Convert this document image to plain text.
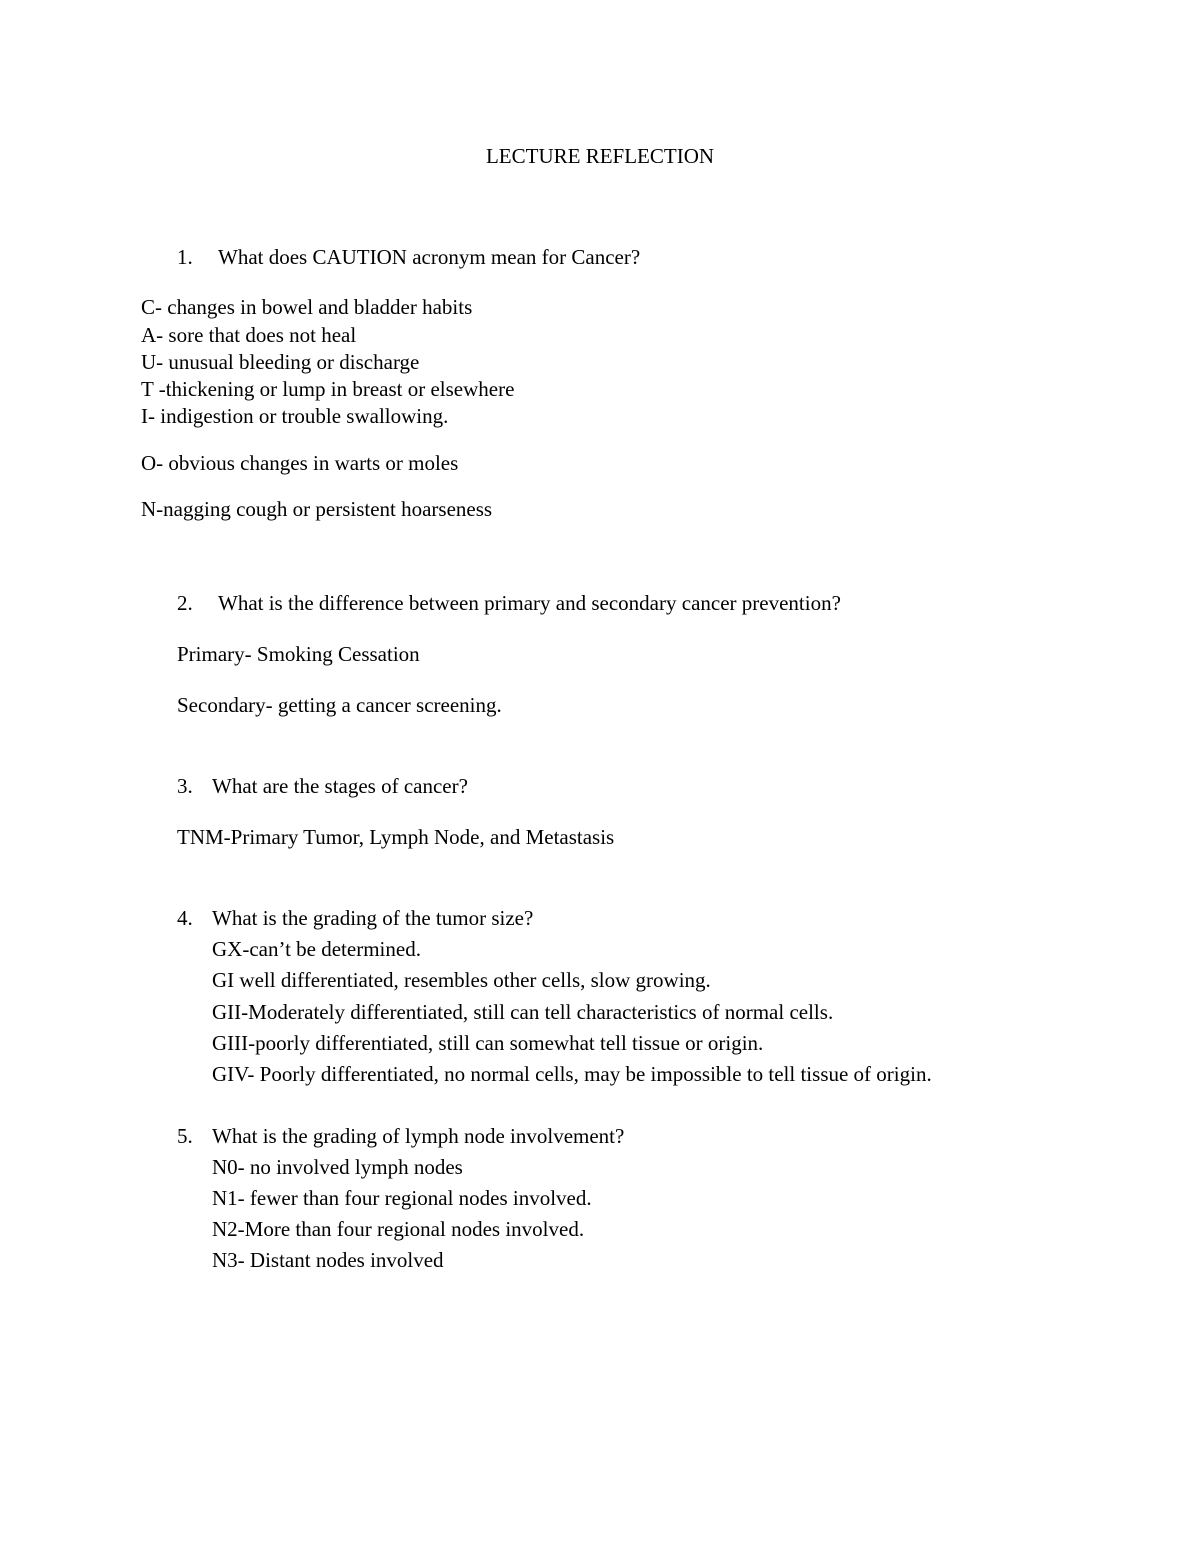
LECTURE REFLECTION
1. What does CAUTION acronym mean for Cancer?
C- changes in bowel and bladder habits
A- sore that does not heal
U- unusual bleeding or discharge
T -thickening or lump in breast or elsewhere
I- indigestion or trouble swallowing.
O- obvious changes in warts or moles
N-nagging cough or persistent hoarseness
2. What is the difference between primary and secondary cancer prevention?
Primary- Smoking Cessation
Secondary- getting a cancer screening.
3. What are the stages of cancer?
TNM-Primary Tumor, Lymph Node, and Metastasis
4. What is the grading of the tumor size?
GX-can’t be determined.
GI well differentiated, resembles other cells, slow growing.
GII-Moderately differentiated, still can tell characteristics of normal cells.
GIII-poorly differentiated, still can somewhat tell tissue or origin.
GIV- Poorly differentiated, no normal cells, may be impossible to tell tissue of origin.
5. What is the grading of lymph node involvement?
N0- no involved lymph nodes
N1- fewer than four regional nodes involved.
N2-More than four regional nodes involved.
N3- Distant nodes involved
